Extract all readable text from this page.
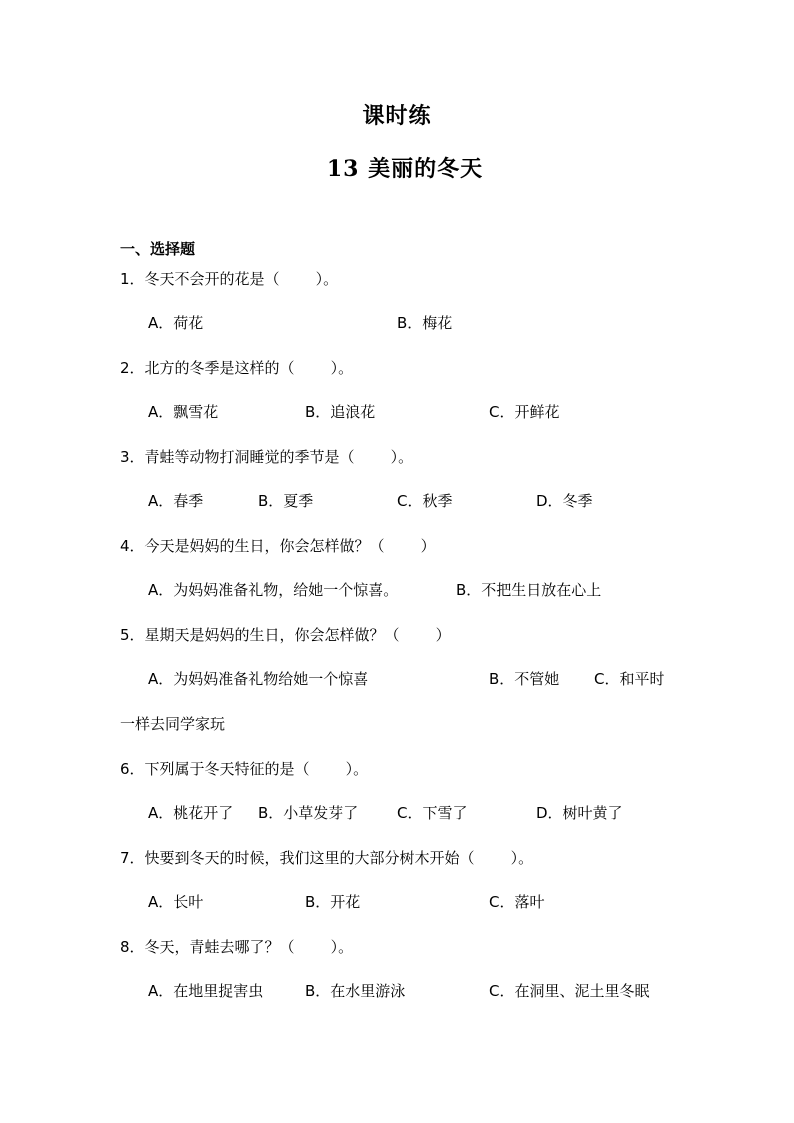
课时练
13 美丽的冬天
一、选择题
1．冬天不会开的花是（ ）。
A．荷花	B．梅花
2．北方的冬季是这样的（ ）。
A．飘雪花	B．追浪花	C．开鲜花
3．青蛙等动物打洞睡觉的季节是（ ）。
A．春季	B．夏季	C．秋季	D．冬季
4．今天是妈妈的生日，你会怎样做？（ ）
A．为妈妈准备礼物，给她一个惊喜。	B．不把生日放在心上
5．星期天是妈妈的生日，你会怎样做？（ ）
A．为妈妈准备礼物给她一个惊喜	B．不管她 C．和平时
一样去同学家玩
6．下列属于冬天特征的是（ ）。
A．桃花开了 B．小草发芽了	C．下雪了	D．树叶黄了
7．快要到冬天的时候，我们这里的大部分树木开始（ ）。
A．长叶	B．开花	C．落叶
8．冬天，青蛙去哪了？（ ）。
A．在地里捉害虫	B．在水里游泳	C．在洞里、泥土里冬眠
